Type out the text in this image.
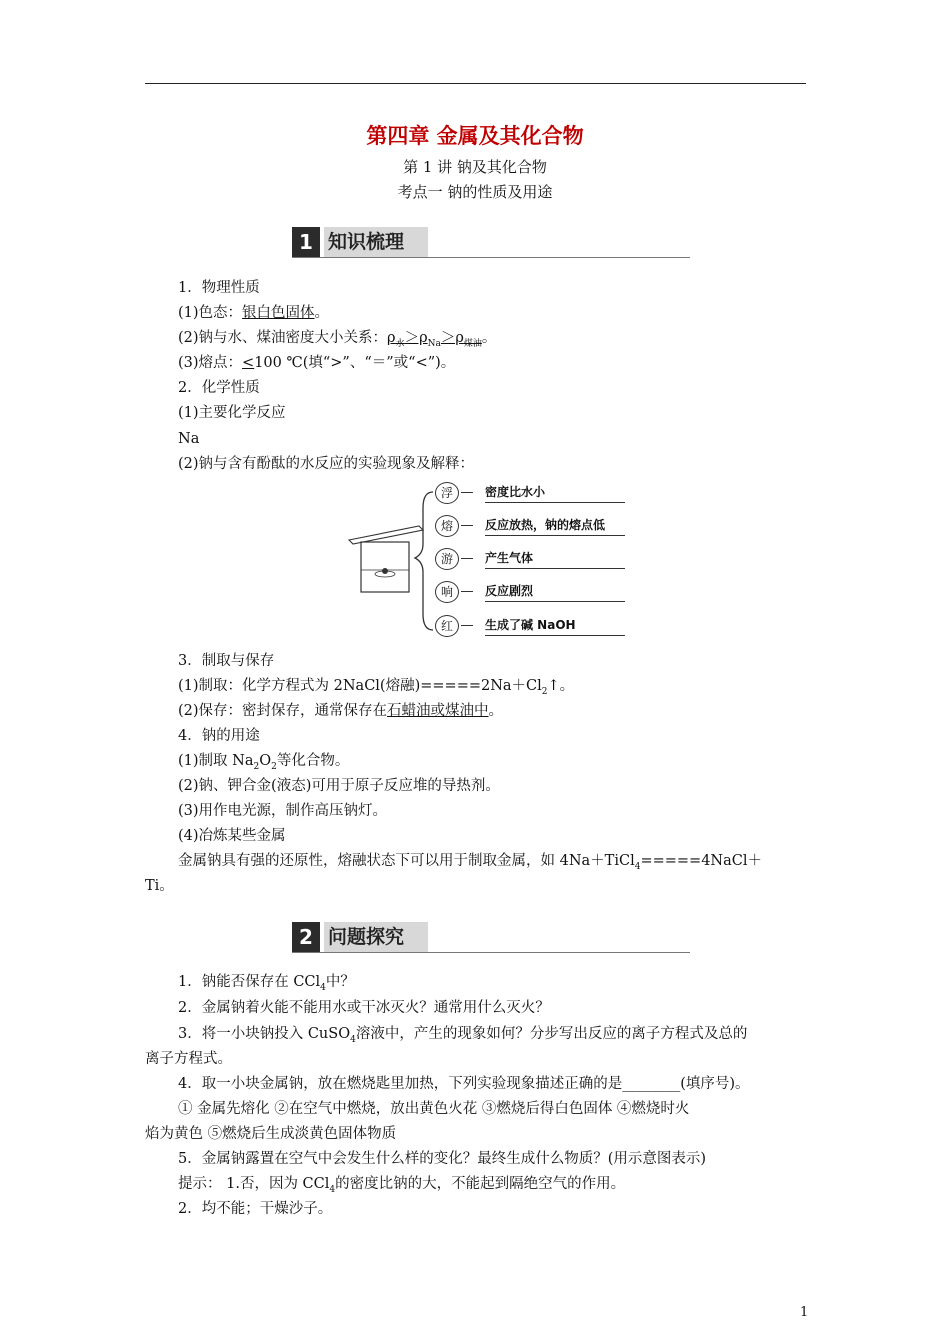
第四章 金属及其化合物
第 1 讲 钠及其化合物
考点一 钠的性质及用途
1 知识梳理
1．物理性质
(1)色态：银白色固体。
(2)钠与水、煤油密度大小关系：$\rho_水>\rho_{Na}>\rho_{煤油}$。
(3)熔点：<100 ℃(填“>”、“＝”或“<”)。
2．化学性质
(1)主要化学反应
Na
(2)钠与含有酚酞的水反应的实验现象及解释：
浮	密度比水小
熔	反应放热，钠的熔点低
游	产生气体
响	反应剧烈
红	生成了碱 NaOH
3．制取与保存
(1)制取：化学方程式为 2NaCl(熔融)$=====2Na+Cl_2↑$。
(2)保存：密封保存，通常保存在石蜡油或煤油中。
4．钠的用途
(1)制取 $Na_2O_2$等化合物。
(2)钠、钾合金(液态)可用于原子反应堆的导热剂。
(3)用作电光源，制作高压钠灯。
(4)冶炼某些金属
金属钠具有强的还原性，熔融状态下可以用于制取金属，如 4Na＋TiCl$_4$=====4NaCl＋
Ti。
2 问题探究
1．钠能否保存在 CCl$_4$中？
2．金属钠着火能不能用水或干冰灭火？通常用什么灭火？
3．将一小块钠投入 CuSO$_4$溶液中，产生的现象如何？分步写出反应的离子方程式及总的
离子方程式。
4．取一小块金属钠，放在燃烧匙里加热，下列实验现象描述正确的是________(填序号)。
① 金属先熔化 ②在空气中燃烧，放出黄色火花 ③燃烧后得白色固体 ④燃烧时火
焰为黄色 ⑤燃烧后生成淡黄色固体物质
5．金属钠露置在空气中会发生什么样的变化？最终生成什么物质？(用示意图表示)
提示： 1.否，因为 CCl$_4$的密度比钠的大，不能起到隔绝空气的作用。
2．均不能；干燥沙子。
1
